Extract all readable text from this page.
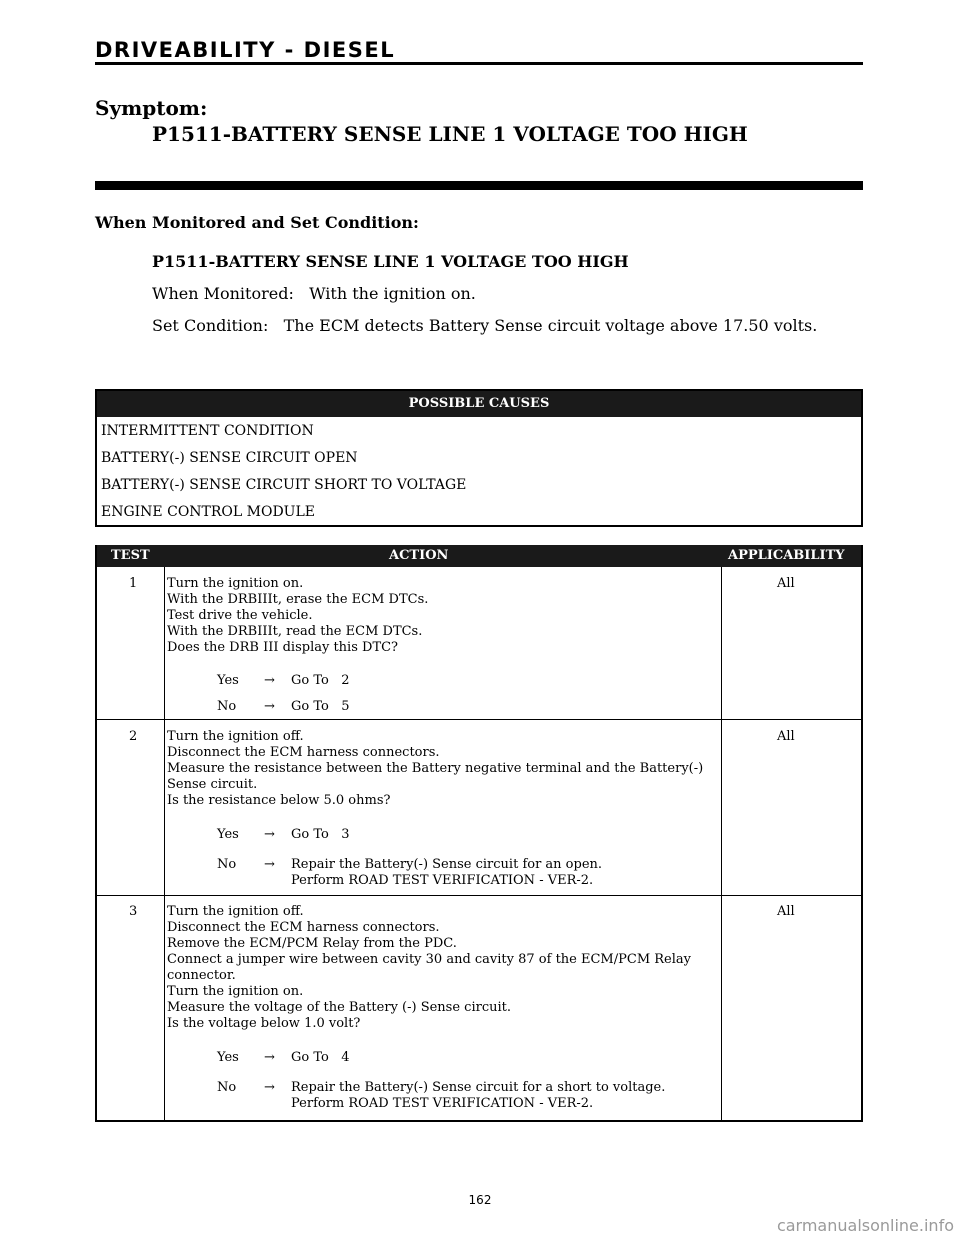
DRIVEABILITY - DIESEL
Symptom:
P1511-BATTERY SENSE LINE 1 VOLTAGE TOO HIGH
When Monitored and Set Condition:
P1511-BATTERY SENSE LINE 1 VOLTAGE TOO HIGH
When Monitored:   With the ignition on.
Set Condition:   The ECM detects Battery Sense circuit voltage above 17.50 volts.
POSSIBLE CAUSES
INTERMITTENT CONDITION
BATTERY(-) SENSE CIRCUIT OPEN
BATTERY(-) SENSE CIRCUIT SHORT TO VOLTAGE
ENGINE CONTROL MODULE
TEST	ACTION	APPLICABILITY
1 Turn the ignition on.
With the DRBIIIt, erase the ECM DTCs.
Test drive the vehicle.
With the DRBIIIt, read the ECM DTCs.
Does the DRB III display this DTC?
Yes → Go To   2
No → Go To   5
All
2 Turn the ignition off.
Disconnect the ECM harness connectors.
Measure the resistance between the Battery negative terminal and the Battery(-)
Sense circuit.
Is the resistance below 5.0 ohms?
Yes → Go To   3
No → Repair the Battery(-) Sense circuit for an open.
Perform ROAD TEST VERIFICATION - VER-2.
All
3 Turn the ignition off.
Disconnect the ECM harness connectors.
Remove the ECM/PCM Relay from the PDC.
Connect a jumper wire between cavity 30 and cavity 87 of the ECM/PCM Relay
connector.
Turn the ignition on.
Measure the voltage of the Battery (-) Sense circuit.
Is the voltage below 1.0 volt?
Yes → Go To   4
No → Repair the Battery(-) Sense circuit for a short to voltage.
Perform ROAD TEST VERIFICATION - VER-2.
All
162
carmanualsonline.info
